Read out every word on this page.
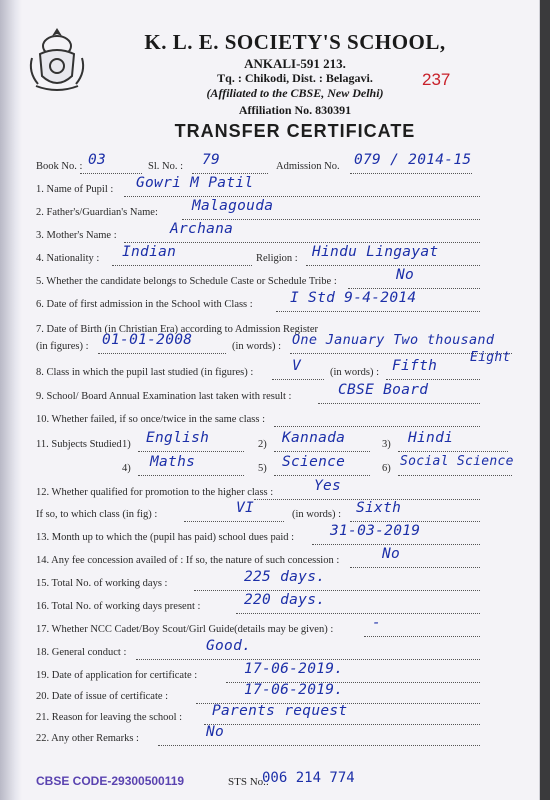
K. L. E. SOCIETY'S SCHOOL,
ANKALI-591 213.
Tq. : Chikodi, Dist. : Belagavi.
(Affiliated to the CBSE, New Delhi)
Affiliation No. 830391
237
TRANSFER CERTIFICATE
Book No. : 03	Sl. No. : 79	Admission No. 079 / 2014-15
1. Name of Pupil : Gowri M Patil
2. Father's/Guardian's Name: Malagouda
3. Mother's Name :	Archana
4. Nationality : Indian	Religion : Hindu Lingayat
5. Whether the candidate belongs to Schedule Caste or Schedule Tribe :	No
6. Date of first admission in the School with Class :	I Std 9-4-2014
7. Date of Birth (in Christian Era) according to Admission Register
(in figures) : 01-01-2008	(in words) : One January Two thousand
Eight
8. Class in which the pupil last studied (in figures) :	V	(in words) : Fifth
9. School/ Board Annual Examination last taken with result :	CBSE Board
10. Whether failed, if so once/twice in the same class :
11. Subjects Studied 1) English	2) Kannada	3) Hindi
4) Maths	5) Science	6) Social Science
12. Whether qualified for promotion to the higher class :	Yes
If so, to which class (in fig) :	VI	(in words) : Sixth
13. Month up to which the (pupil has paid) school dues paid : 31-03-2019
14. Any fee concession availed of : If so, the nature of such concession :	No
15. Total No. of working days :	225 days.
16. Total No. of working days present :	220 days.
17. Whether NCC Cadet/Boy Scout/Girl Guide(details may be given) :	-
18. General conduct :	Good.
19. Date of application for certificate :	17-06-2019.
20. Date of issue of certificate :	17-06-2019.
21. Reason for leaving the school : Parents request
22. Any other Remarks :	No
CBSE CODE-29300500119	STS No.:
006 214 774
